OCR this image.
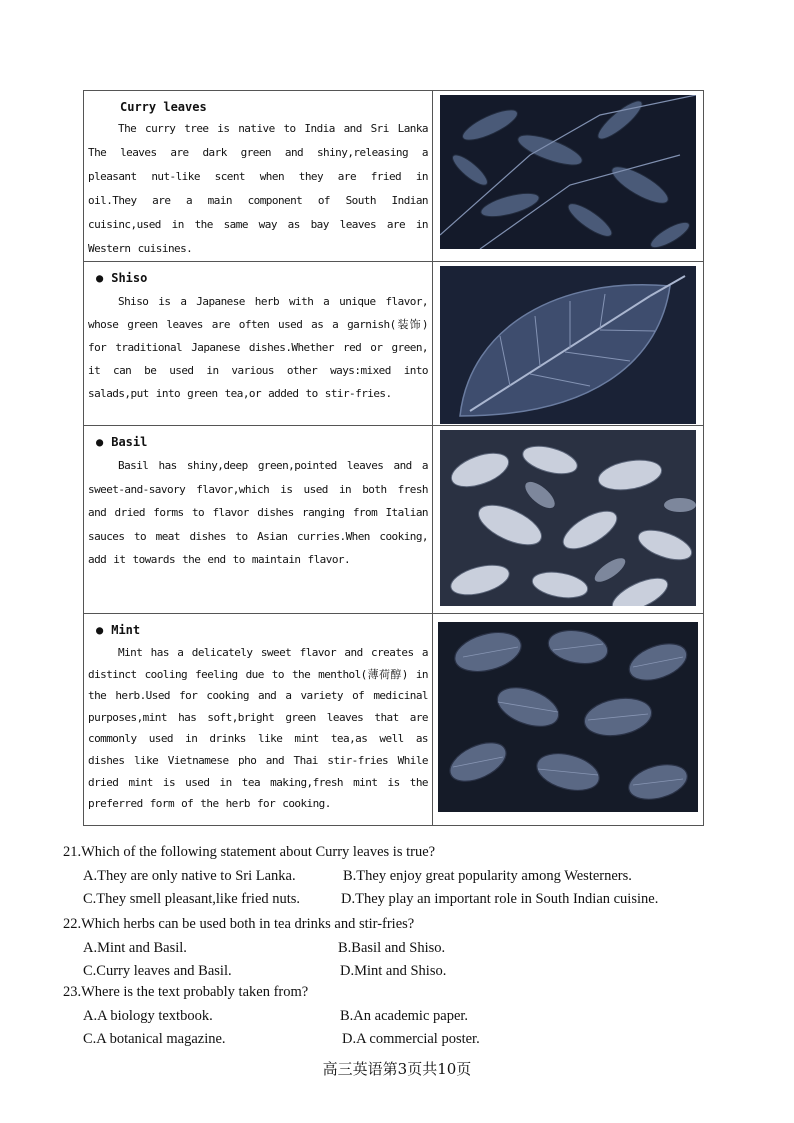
Curry leaves
The curry tree is native to India and Sri Lanka The leaves are dark green and shiny,releasing a pleasant nut-like scent when they are fried in oil.They are a main component of South Indian cuisinc,used in the same way as bay leaves are in Western cuisines.

● Shiso
Shiso is a Japanese herb with a unique flavor, whose green leaves are often used as a garnish(装饰) for traditional Japanese dishes.Whether red or green, it can be used in various other ways:mixed into salads,put into green tea,or added to stir-fries.

● Basil
Basil has shiny,deep green,pointed leaves and a sweet-and-savory flavor,which is used in both fresh and dried forms to flavor dishes ranging from Italian sauces to meat dishes to Asian curries.When cooking, add it towards the end to maintain flavor.

● Mint
Mint has a delicately sweet flavor and creates a distinct cooling feeling due to the menthol(薄荷醇) in the herb.Used for cooking and a variety of medicinal purposes,mint has soft,bright green leaves that are commonly used in drinks like mint tea,as well as dishes like Vietnamese pho and Thai stir-fries While dried mint is used in tea making,fresh mint is the preferred form of the herb for cooking.

21.Which of the following statement about Curry leaves is true?
A.They are only native to Sri Lanka.	B.They enjoy great popularity among Westerners.
C.They smell pleasant,like fried nuts.	D.They play an important role in South Indian cuisine.
22.Which herbs can be used both in tea drinks and stir-fries?
A.Mint and Basil.	B.Basil and Shiso.
C.Curry leaves and Basil.	D.Mint and Shiso.
23.Where is the text probably taken from?
A.A biology textbook.	B.An academic paper.
C.A botanical magazine.	D.A commercial poster.
高三英语第3页共10页
